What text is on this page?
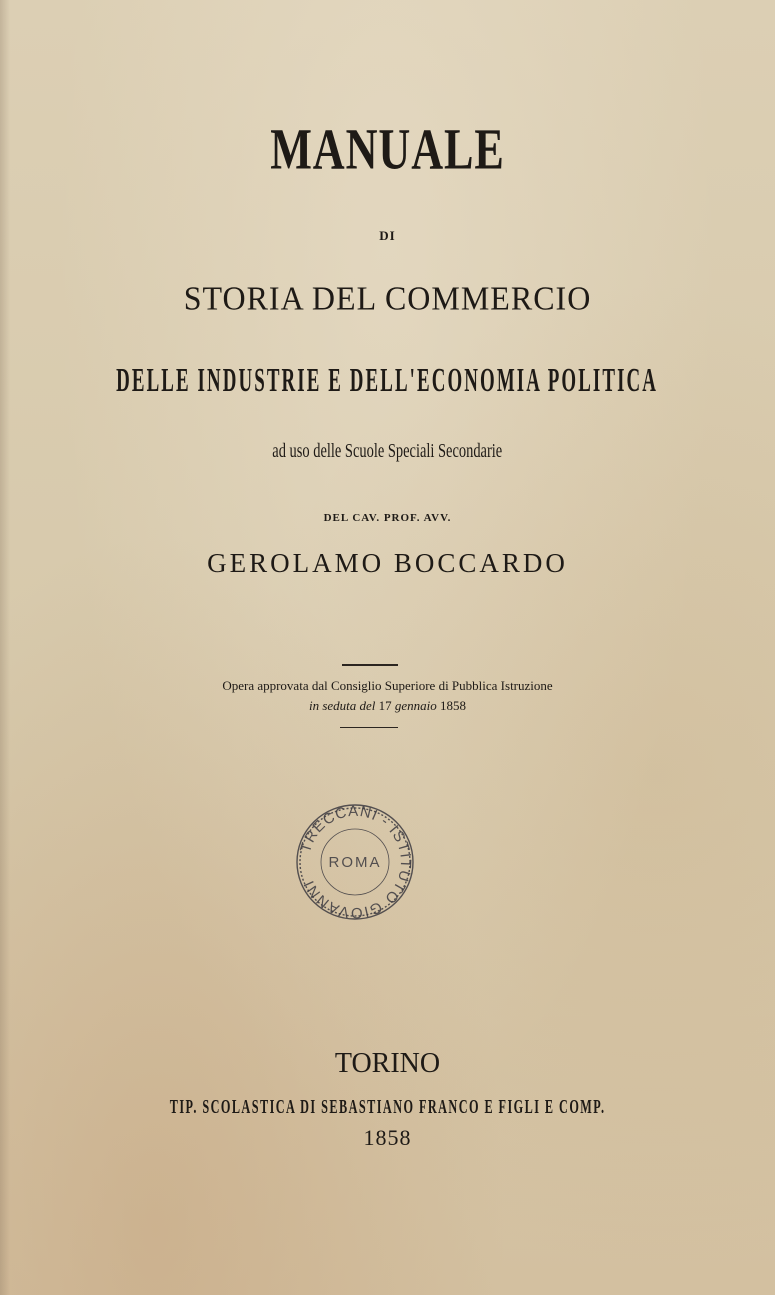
MANUALE
DI
STORIA DEL COMMERCIO
DELLE INDUSTRIE E DELL'ECONOMIA POLITICA
ad uso delle Scuole Speciali Secondarie
DEL CAV. PROF. AVV.
GEROLAMO BOCCARDO
Opera approvata dal Consiglio Superiore di Pubblica Istruzione
in seduta del 17 gennaio 1858
TRECCANI - ISTITUTO GIOVANNI
ROMA
TORINO
TIP. SCOLASTICA DI SEBASTIANO FRANCO E FIGLI E COMP.
1858
